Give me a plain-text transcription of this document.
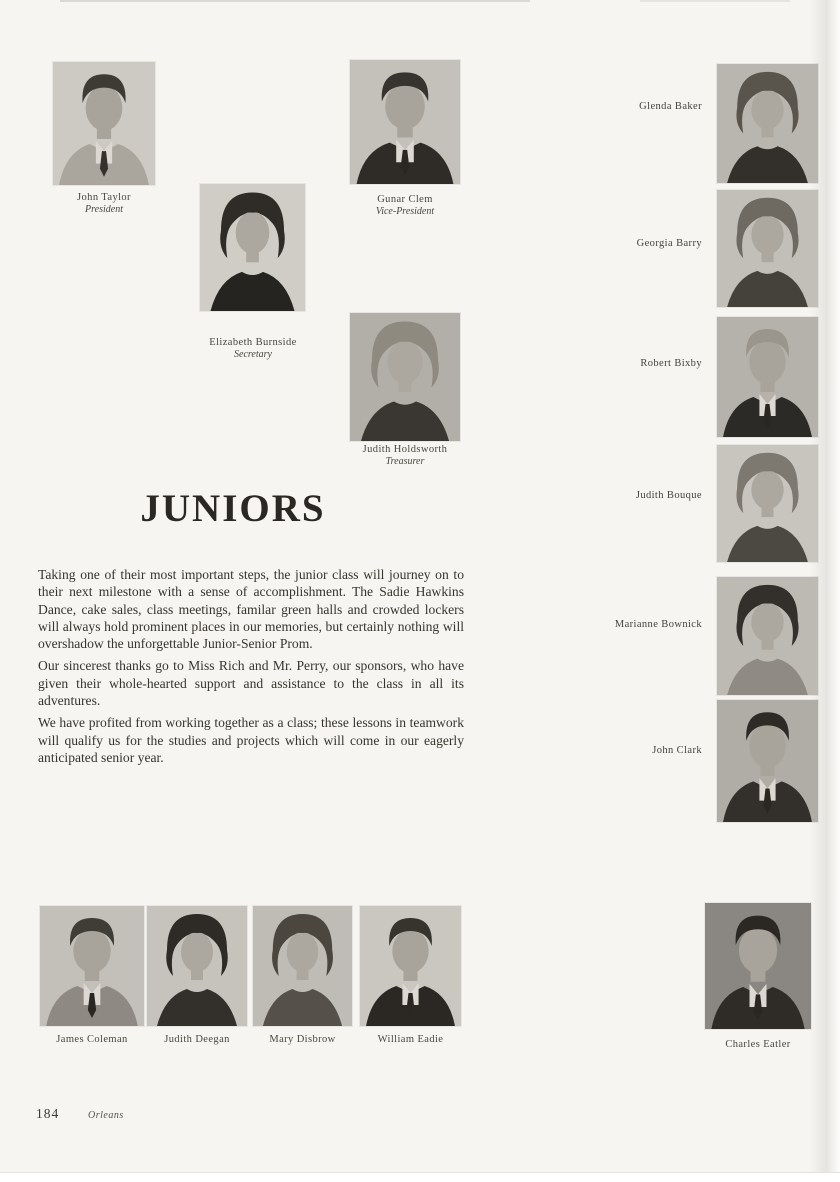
John Taylor
President
Gunar Clem
Vice-President
Elizabeth Burnside
Secretary
Judith Holdsworth
Treasurer
JUNIORS

Taking one of their most important steps, the junior class will journey on to their next milestone with a sense of accomplishment. The Sadie Hawkins Dance, cake sales, class meetings, familar green halls and crowded lockers will always hold prominent places in our memories, but certainly nothing will overshadow the unforgettable Junior-Senior Prom.

Our sincerest thanks go to Miss Rich and Mr. Perry, our sponsors, who have given their whole-hearted support and assistance to the class in all its adventures.

We have profited from working together as a class; these lessons in teamwork will qualify us for the studies and projects which will come in our eagerly anticipated senior year.

Glenda Baker
Georgia Barry
Robert Bixby
Judith Bouque
Marianne Bownick
John Clark
Charles Eatler
James Coleman	Judith Deegan	Mary Disbrow	William Eadie
184	Orleans
